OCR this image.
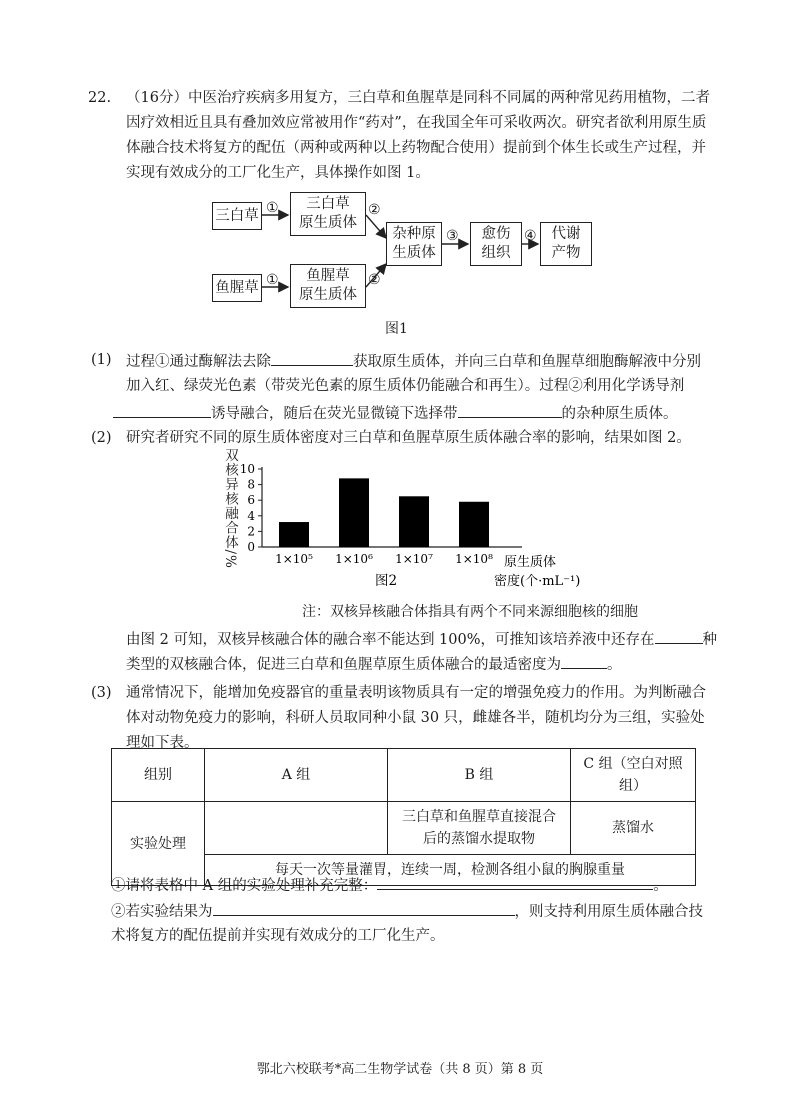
22. （16分）中医治疗疾病多用复方，三白草和鱼腥草是同科不同属的两种常见药用植物，二者
因疗效相近且具有叠加效应常被用作“药对”，在我国全年可采收两次。研究者欲利用原生质
体融合技术将复方的配伍（两种或两种以上药物配合使用）提前到个体生长或生产过程，并
实现有效成分的工厂化生产，具体操作如图 1。
三白草
鱼腥草
①
①
三白草
原生质体
鱼腥草
原生质体
②
②
杂种原
生质体
③ 愈伤
组织
④ 代谢
产物
图1
(1) 过程①通过酶解法去除	获取原生质体，并向三白草和鱼腥草细胞酶解液中分别
加入红、绿荧光色素（带荧光色素的原生质体仍能融合和再生）。过程②利用化学诱导剂
诱导融合，随后在荧光显微镜下选择带	的杂种原生质体。
(2) 研究者研究不同的原生质体密度对三白草和鱼腥草原生质体融合率的影响，结果如图 2。
双核异核融合体/% 0
2
4
6
8
10
1×10⁵ 1×10⁶ 1×10⁷ 1×10⁸ 原生质体
密度(个·mL⁻¹)
图2
注：双核异核融合体指具有两个不同来源细胞核的细胞
由图 2 可知，双核异核融合体的融合率不能达到 100%，可推知该培养液中还存在	种
类型的双核融合体，促进三白草和鱼腥草原生质体融合的最适密度为	。
(3) 通常情况下，能增加免疫器官的重量表明该物质具有一定的增强免疫力的作用。为判断融合
体对动物免疫力的影响，科研人员取同种小鼠 30 只，雌雄各半，随机均分为三组，实验处
理如下表。
组别	A 组	B 组	C 组（空白对照组）
实验处理		三白草和鱼腥草直接混合
后的蒸馏水提取物	蒸馏水
	每天一次等量灌胃，连续一周，检测各组小鼠的胸腺重量		
①请将表格中 A 组的实验处理补充完整：	。
②若实验结果为	，则支持利用原生质体融合技
术将复方的配伍提前并实现有效成分的工厂化生产。
鄂北六校联考*高二生物学试卷（共 8 页）第 8 页
